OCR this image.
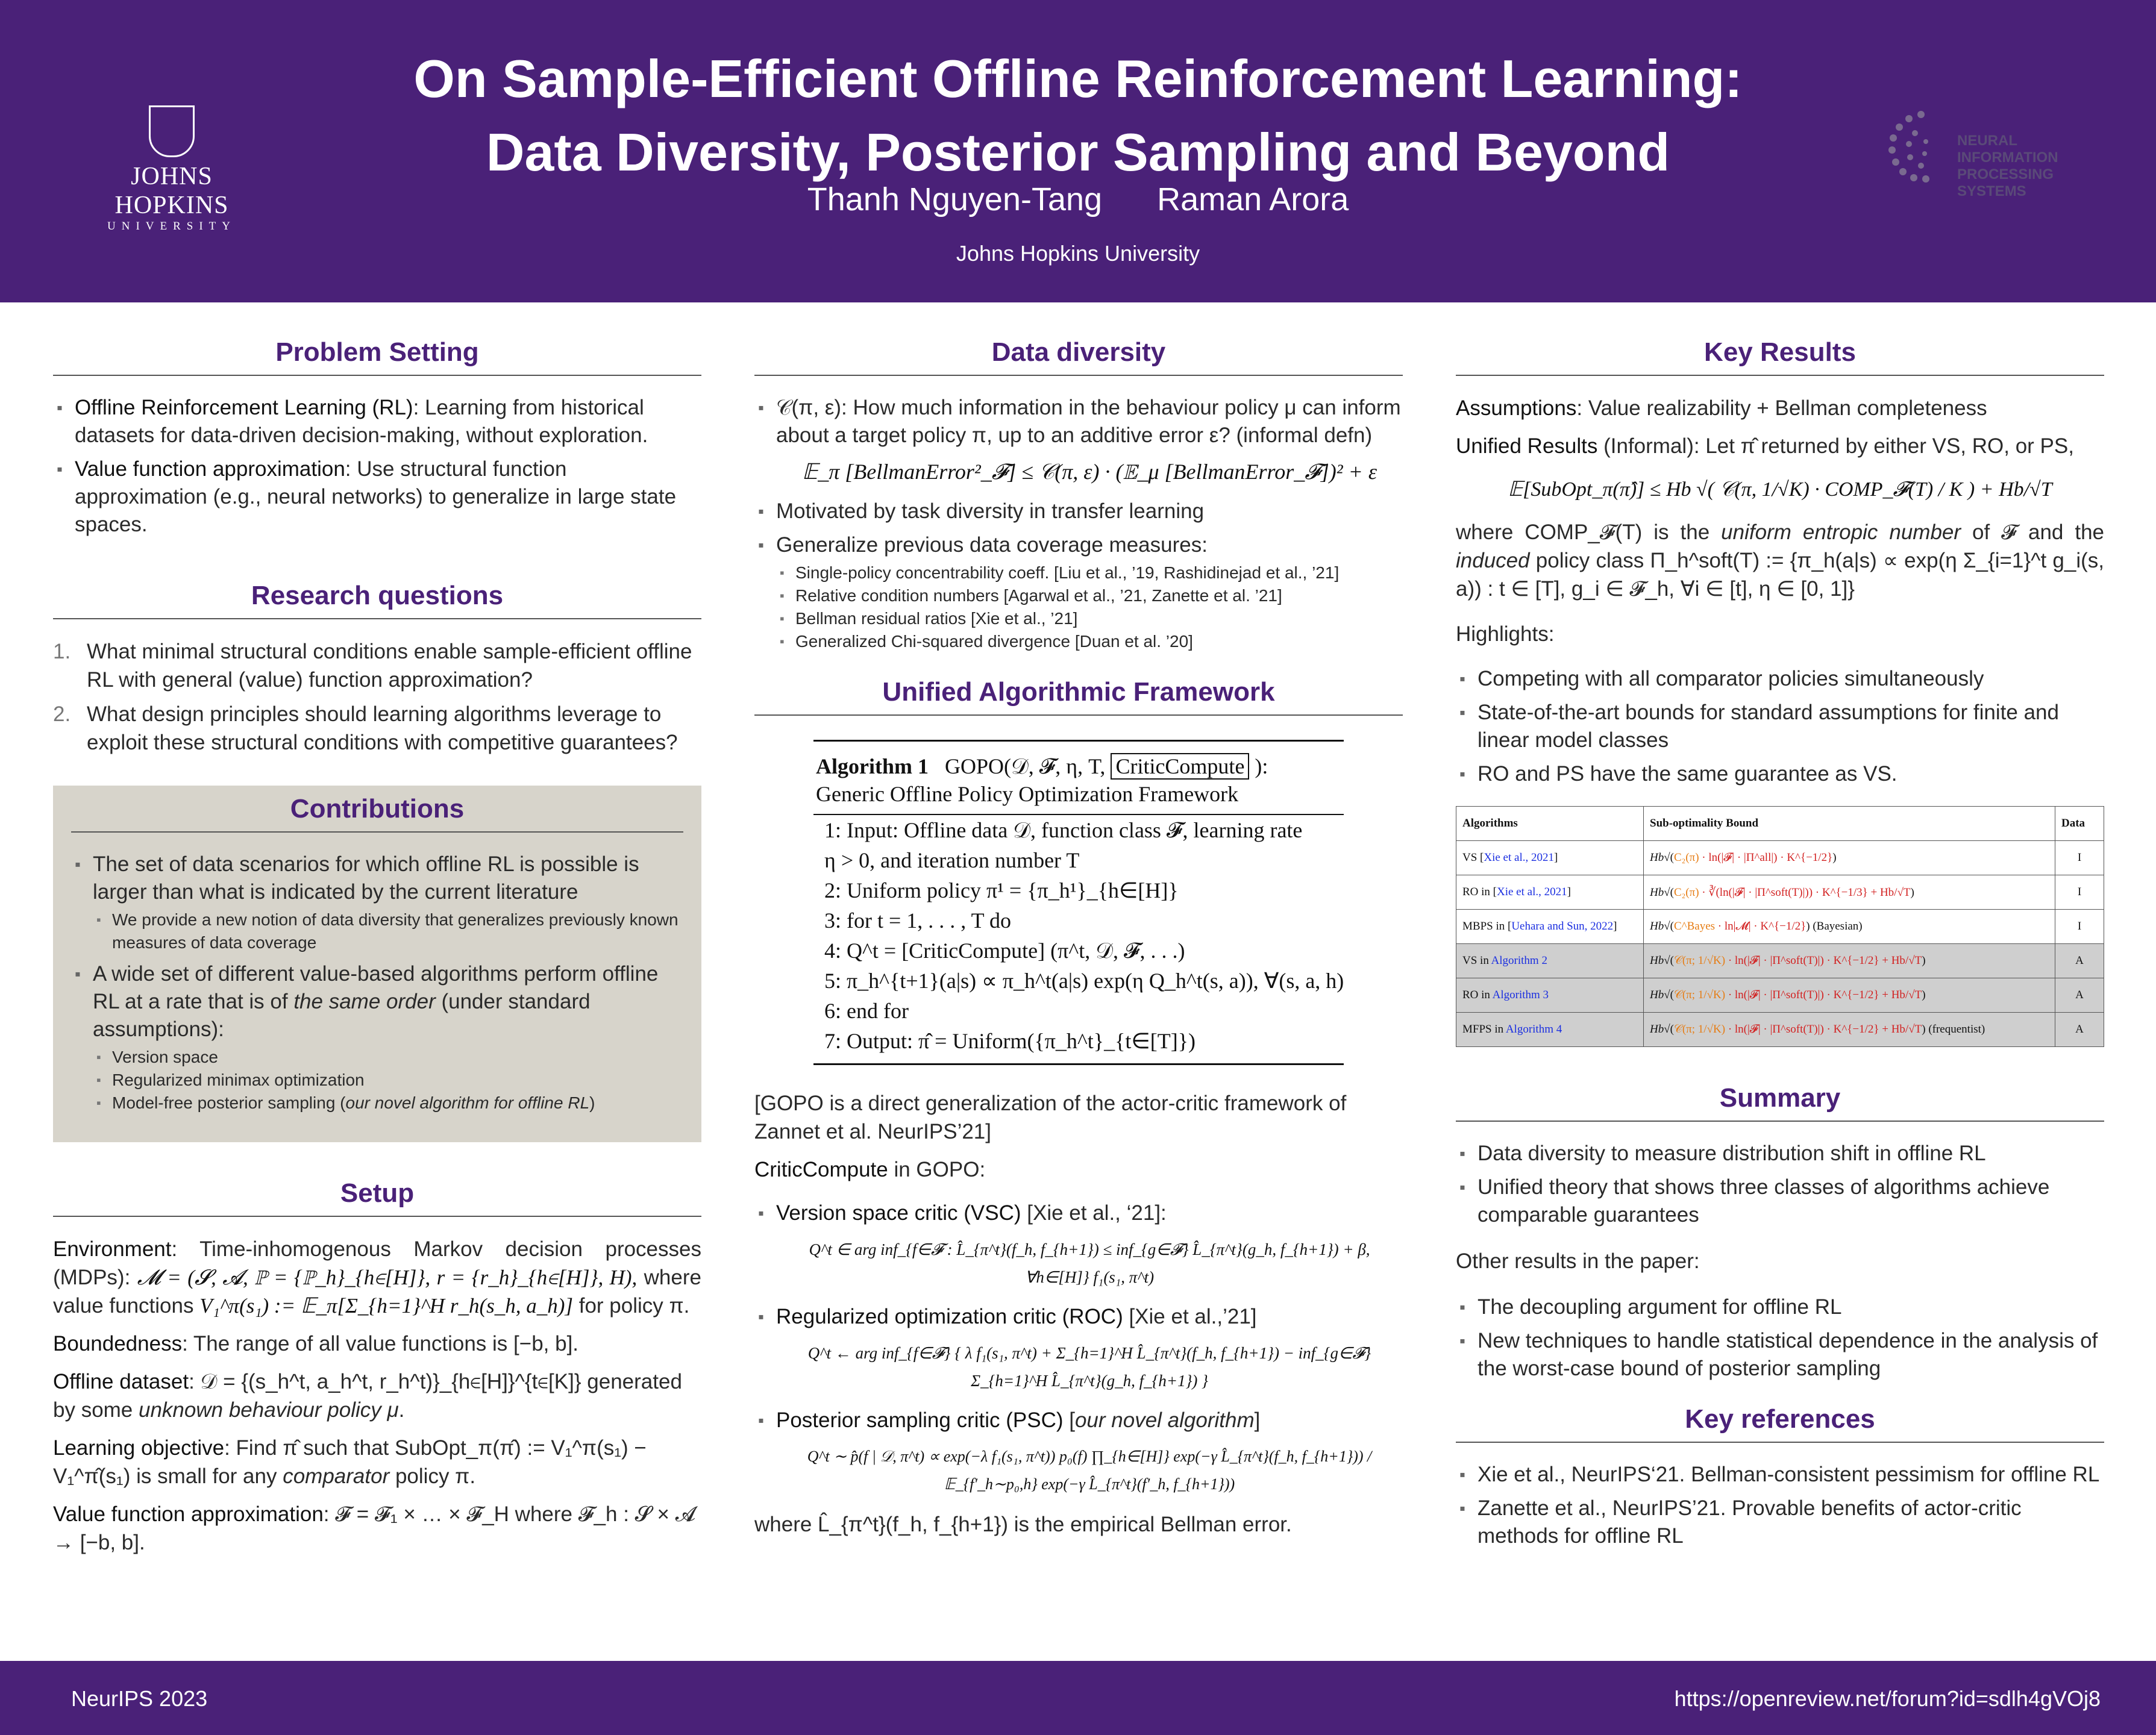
JOHNS HOPKINS
UNIVERSITY
On Sample-Efficient Offline Reinforcement Learning:
Data Diversity, Posterior Sampling and Beyond
Thanh Nguyen-Tang Raman Arora
Johns Hopkins University
NEURAL INFORMATION
PROCESSING SYSTEMS
Problem Setting
▪ Offline Reinforcement Learning (RL): Learning from historical datasets for data-driven decision-making, without exploration.
▪ Value function approximation: Use structural function approximation (e.g., neural networks) to generalize in large state spaces.
Research questions
1. What minimal structural conditions enable sample-efficient offline RL with general (value) function approximation?
2. What design principles should learning algorithms leverage to exploit these structural conditions with competitive guarantees?
Contributions
▪ The set of data scenarios for which offline RL is possible is larger than what is indicated by the current literature
▪ We provide a new notion of data diversity that generalizes previously known measures of data coverage
▪ A wide set of different value-based algorithms perform offline RL at a rate that is of the same order (under standard assumptions):
▪ Version space
▪ Regularized minimax optimization
▪ Model-free posterior sampling (our novel algorithm for offline RL)
Setup
Environment: Time-inhomogenous Markov decision processes (MDPs): 𝓜 = (𝓢, 𝓐, ℙ = {ℙ_h}_{h∈[H]}, r = {r_h}_{h∈[H]}, H), where value functions V₁^π(s₁) := 𝔼_π[Σ_{h=1}^H r_h(s_h, a_h)] for policy π.
Boundedness: The range of all value functions is [−b, b].
Offline dataset: 𝒟 = {(s_h^t, a_h^t, r_h^t)}_{h∈[H]}^{t∈[K]} generated by some unknown behaviour policy μ.
Learning objective: Find π̂ such that SubOpt_π(π̂) := V₁^π(s₁) − V₁^π̂(s₁) is small for any comparator policy π.
Value function approximation: 𝓕 = 𝓕₁ × … × 𝓕_H where 𝓕_h : 𝓢 × 𝓐 → [−b, b].
Data diversity
▪ 𝒞(π, ε): How much information in the behaviour policy μ can inform about a target policy π, up to an additive error ε? (informal defn)
𝔼_π [BellmanError²_𝓕] ≤ 𝒞(π, ε) · (𝔼_μ [BellmanError_𝓕])² + ε
▪ Motivated by task diversity in transfer learning
▪ Generalize previous data coverage measures:
▪ Single-policy concentrability coeff. [Liu et al., ’19, Rashidinejad et al., ’21]
▪ Relative condition numbers [Agarwal et al., ’21, Zanette et al. ’21]
▪ Bellman residual ratios [Xie et al., ’21]
▪ Generalized Chi-squared divergence [Duan et al. ’20]
Unified Algorithmic Framework
Algorithm 1 GOPO(𝒟, 𝓕, η, T, CriticCompute ):
Generic Offline Policy Optimization Framework
1: Input: Offline data 𝒟, function class 𝓕, learning rate
η > 0, and iteration number T
2: Uniform policy π¹ = {π_h¹}_{h∈[H]}
3: for t = 1, . . . , T do
4: Q^t = [CriticCompute] (π^t, 𝒟, 𝓕, . . .)
5: π_h^{t+1}(a|s) ∝ π_h^t(a|s) exp(η Q_h^t(s, a)), ∀(s, a, h)
6: end for
7: Output: π̂ = Uniform({π_h^t}_{t∈[T]})
[GOPO is a direct generalization of the actor-critic framework of Zannet et al. NeurIPS’21]
CriticCompute in GOPO:
▪ Version space critic (VSC) [Xie et al., ‘21]:
Q^t ∈ arg inf_{f∈𝓕 : L̂_{π^t}(f_h, f_{h+1}) ≤ inf_{g∈𝓕} L̂_{π^t}(g_h, f_{h+1}) + β, ∀h∈[H]} f₁(s₁, π^t)
▪ Regularized optimization critic (ROC) [Xie et al.,’21]
Q^t ← arg inf_{f∈𝓕} { λ f₁(s₁, π^t) + Σ_{h=1}^H L̂_{π^t}(f_h, f_{h+1}) − inf_{g∈𝓕} Σ_{h=1}^H L̂_{π^t}(g_h, f_{h+1}) }
▪ Posterior sampling critic (PSC) [our novel algorithm]
Q^t ∼ p̂(f | 𝒟, π^t) ∝ exp(−λ f₁(s₁, π^t)) p₀(f) ∏_{h∈[H]} exp(−γ L̂_{π^t}(f_h, f_{h+1})) / 𝔼_{f′_h∼p₀,h} exp(−γ L̂_{π^t}(f′_h, f_{h+1}))
where L̂_{π^t}(f_h, f_{h+1}) is the empirical Bellman error.
Key Results
Assumptions: Value realizability + Bellman completeness
Unified Results (Informal): Let π̂ returned by either VS, RO, or PS,
𝔼[SubOpt_π(π̂)] ≤ Hb √( 𝒞(π, 1/√K) · COMP_𝓕(T) / K ) + Hb/√T
where COMP_𝓕(T) is the uniform entropic number of 𝓕 and the induced policy class Π_h^soft(T) := {π_h(a|s) ∝ exp(η Σ_{i=1}^t g_i(s, a)) : t ∈ [T], g_i ∈ 𝓕_h, ∀i ∈ [t], η ∈ [0, 1]}
Highlights:
▪ Competing with all comparator policies simultaneously
▪ State-of-the-art bounds for standard assumptions for finite and linear model classes
▪ RO and PS have the same guarantee as VS.
Algorithms	Sub-optimality Bound	Data
VS [Xie et al., 2021]	Hb√(C₂(π) · ln(|𝓕| · |Π^all|) · K^{−1/2})	I
RO in [Xie et al., 2021]	Hb√(C₂(π) · ∛(ln(|𝓕| · |Π^soft(T)|)) · K^{−1/3} + Hb/√T)	I
MBPS in [Uehara and Sun, 2022]	Hb√(C^Bayes · ln|𝓜| · K^{−1/2}) (Bayesian)	I
VS in Algorithm 2	Hb√(𝒞(π; 1/√K) · ln(|𝓕| · |Π^soft(T)|) · K^{−1/2} + Hb/√T)	A
RO in Algorithm 3	Hb√(𝒞(π; 1/√K) · ln(|𝓕| · |Π^soft(T)|) · K^{−1/2} + Hb/√T)	A
MFPS in Algorithm 4	Hb√(𝒞(π; 1/√K) · ln(|𝓕| · |Π^soft(T)|) · K^{−1/2} + Hb/√T) (frequentist)	A
Summary
▪ Data diversity to measure distribution shift in offline RL
▪ Unified theory that shows three classes of algorithms achieve comparable guarantees
Other results in the paper:
▪ The decoupling argument for offline RL
▪ New techniques to handle statistical dependence in the analysis of the worst-case bound of posterior sampling
Key references
▪ Xie et al., NeurIPS‘21. Bellman-consistent pessimism for offline RL
▪ Zanette et al., NeurIPS’21. Provable benefits of actor-critic methods for offline RL
NeurIPS 2023	https://openreview.net/forum?id=sdlh4gVOj8
